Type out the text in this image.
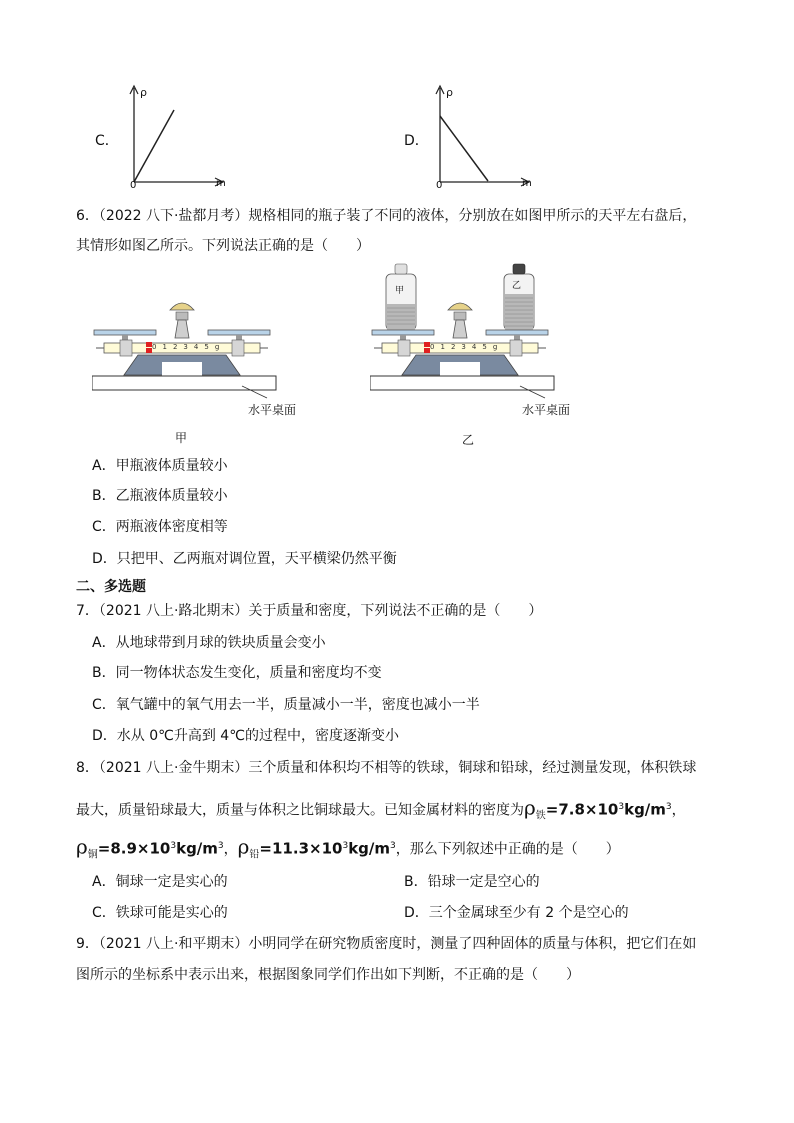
C．
ρ
m
0
D．
ρ
m
0
6．（2022 八下·盐都月考）规格相同的瓶子装了不同的液体，分别放在如图甲所示的天平左右盘后，
其情形如图乙所示。下列说法正确的是（　　）
012345g
水平桌面
甲
甲	乙
012345g
水平桌面
乙
A．甲瓶液体质量较小
B．乙瓶液体质量较小
C．两瓶液体密度相等
D．只把甲、乙两瓶对调位置，天平横梁仍然平衡
二、多选题
7．（2021 八上·路北期末）关于质量和密度，下列说法不正确的是（　　）
A．从地球带到月球的铁块质量会变小
B．同一物体状态发生变化，质量和密度均不变
C．氧气罐中的氧气用去一半，质量减小一半，密度也减小一半
D．水从 0℃升高到 4℃的过程中，密度逐渐变小
8．（2021 八上·金牛期末）三个质量和体积均不相等的铁球，铜球和铅球，经过测量发现，体积铁球
最大，质量铅球最大，质量与体积之比铜球最大。已知金属材料的密度为$\rho_铁=7.8\times 10^3kg/m^3$，
$\rho_铜=8.9\times 10^3kg/m^3$，$\rho_铅=11.3\times 10^3kg/m^3$，那么下列叙述中正确的是（　　）
A．铜球一定是实心的	B．铅球一定是空心的
C．铁球可能是实心的	D．三个金属球至少有 2 个是空心的
9．（2021 八上·和平期末）小明同学在研究物质密度时，测量了四种固体的质量与体积，把它们在如
图所示的坐标系中表示出来，根据图象同学们作出如下判断，不正确的是（　　）
